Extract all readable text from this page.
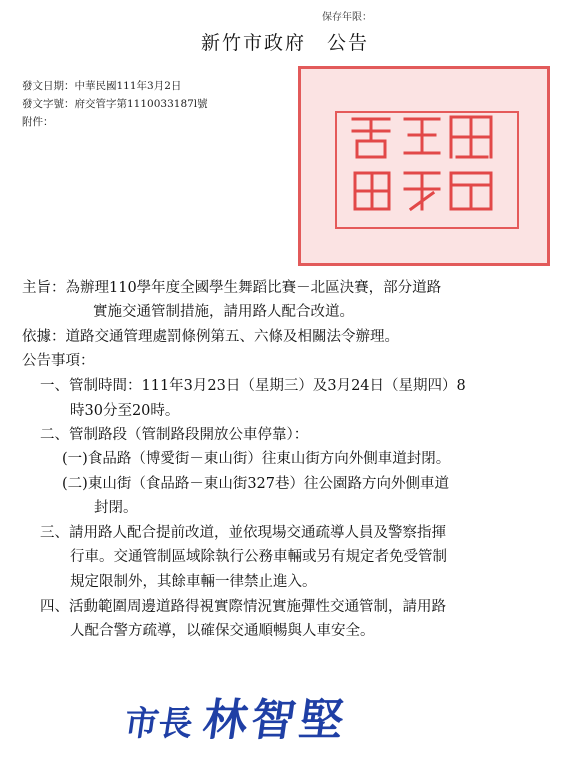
保存年限：
新竹市政府　公告
發文日期：中華民國111年3月2日
發文字號：府交管字第1110033187l號
附件：
主旨：為辦理110學年度全國學生舞蹈比賽－北區決賽，部分道路
實施交通管制措施，請用路人配合改道。
依據：道路交通管理處罰條例第五、六條及相關法令辦理。
公告事項：
一、管制時間：111年3月23日（星期三）及3月24日（星期四）8
時30分至20時。
二、管制路段（管制路段開放公車停靠）：
(一)食品路（博愛街－東山街）往東山街方向外側車道封閉。
(二)東山街（食品路－東山街327巷）往公園路方向外側車道
封閉。
三、請用路人配合提前改道，並依現場交通疏導人員及警察指揮
行車。交通管制區域除執行公務車輛或另有規定者免受管制
規定限制外，其餘車輛一律禁止進入。
四、活動範圍周邊道路得視實際情況實施彈性交通管制，請用路
人配合警方疏導，以確保交通順暢與人車安全。
市長 林智堅
